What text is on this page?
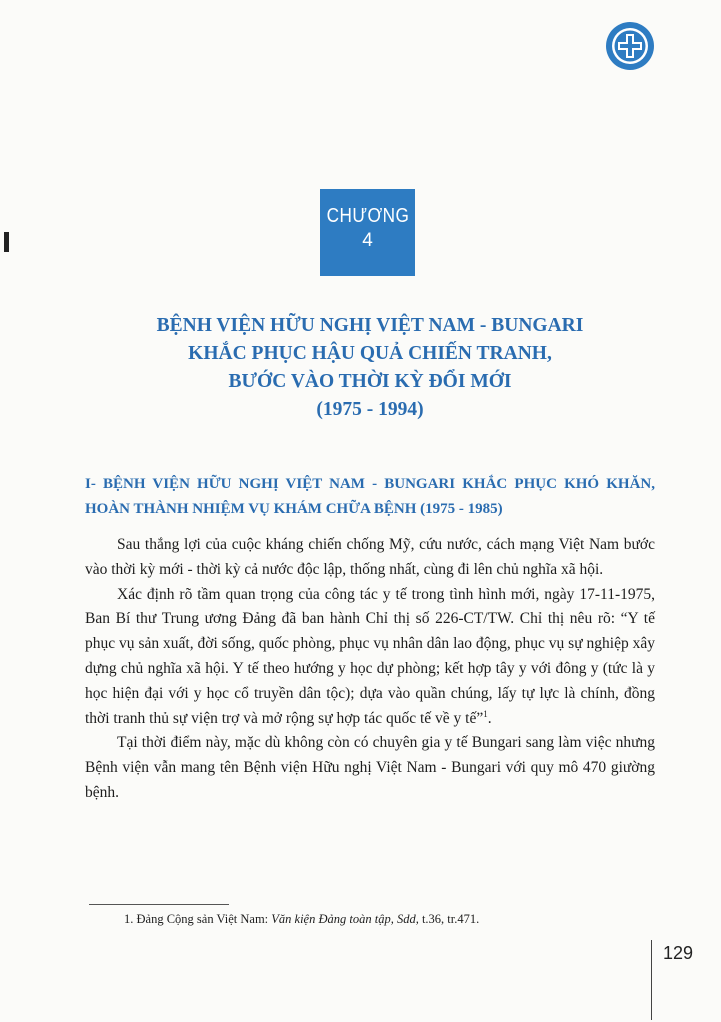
CHƯƠNG
4
BỆNH VIỆN HỮU NGHỊ VIỆT NAM - BUNGARI
KHẮC PHỤC HẬU QUẢ CHIẾN TRANH,
BƯỚC VÀO THỜI KỲ ĐỔI MỚI
(1975 - 1994)
I- BỆNH VIỆN HỮU NGHỊ VIỆT NAM - BUNGARI KHẮC PHỤC KHÓ KHĂN, HOÀN THÀNH NHIỆM VỤ KHÁM CHỮA BỆNH (1975 - 1985)

Sau thắng lợi của cuộc kháng chiến chống Mỹ, cứu nước, cách mạng Việt Nam bước vào thời kỳ mới - thời kỳ cả nước độc lập, thống nhất, cùng đi lên chủ nghĩa xã hội.

Xác định rõ tầm quan trọng của công tác y tế trong tình hình mới, ngày 17-11-1975, Ban Bí thư Trung ương Đảng đã ban hành Chỉ thị số 226-CT/TW. Chỉ thị nêu rõ: “Y tế phục vụ sản xuất, đời sống, quốc phòng, phục vụ nhân dân lao động, phục vụ sự nghiệp xây dựng chủ nghĩa xã hội. Y tế theo hướng y học dự phòng; kết hợp tây y với đông y (tức là y học hiện đại với y học cổ truyền dân tộc); dựa vào quần chúng, lấy tự lực là chính, đồng thời tranh thủ sự viện trợ và mở rộng sự hợp tác quốc tế về y tế”$^1$.

Tại thời điểm này, mặc dù không còn có chuyên gia y tế Bungari sang làm việc nhưng Bệnh viện vẫn mang tên Bệnh viện Hữu nghị Việt Nam - Bungari với quy mô 470 giường bệnh.

1. Đảng Cộng sản Việt Nam: Văn kiện Đảng toàn tập, Sdd, t.36, tr.471.

129
